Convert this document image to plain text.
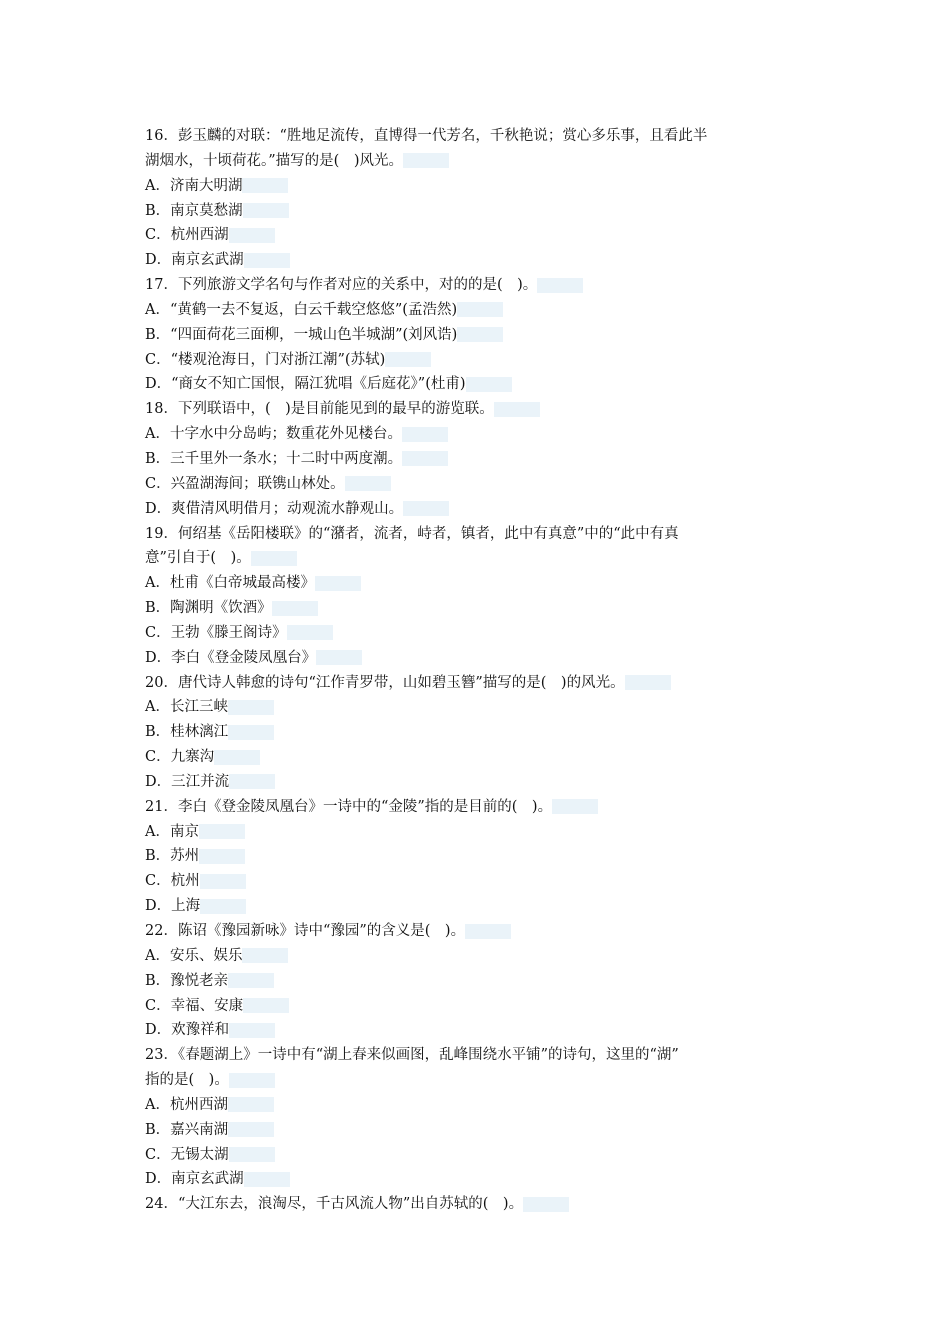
16．彭玉麟的对联：“胜地足流传，直博得一代芳名，千秋艳说；赏心多乐事，且看此半
湖烟水，十顷荷花。”描写的是(　)风光。
A．济南大明湖
B．南京莫愁湖
C．杭州西湖
D．南京玄武湖
17．下列旅游文学名句与作者对应的关系中，对的的是(　)。
A．“黄鹤一去不复返，白云千载空悠悠”(孟浩然)
B．“四面荷花三面柳，一城山色半城湖”(刘风诰)
C．“楼观沧海日，门对浙江潮”(苏轼)
D．“商女不知亡国恨，隔江犹唱《后庭花》”(杜甫)
18．下列联语中，(　)是目前能见到的最早的游览联。
A．十字水中分岛屿；数重花外见楼台。
B．三千里外一条水；十二时中两度潮。
C．兴盈湖海间；联镌山林处。
D．爽借清风明借月；动观流水静观山。
19．何绍基《岳阳楼联》的“潴者，流者，峙者，镇者，此中有真意”中的“此中有真
意”引自于(　)。
A．杜甫《白帝城最高楼》
B．陶渊明《饮酒》
C．王勃《滕王阁诗》
D．李白《登金陵凤凰台》
20．唐代诗人韩愈的诗句“江作青罗带，山如碧玉簪”描写的是(　)的风光。
A．长江三峡
B．桂林漓江
C．九寨沟
D．三江并流
21．李白《登金陵凤凰台》一诗中的“金陵”指的是目前的(　)。
A．南京
B．苏州
C．杭州
D．上海
22．陈诏《豫园新咏》诗中“豫园”的含义是(　)。
A．安乐、娱乐
B．豫悦老亲
C．幸福、安康
D．欢豫祥和
23．《春题湖上》一诗中有“湖上春来似画图，乱峰围绕水平铺”的诗句，这里的“湖”
指的是(　)。
A．杭州西湖
B．嘉兴南湖
C．无锡太湖
D．南京玄武湖
24．“大江东去，浪淘尽，千古风流人物”出自苏轼的(　)。
